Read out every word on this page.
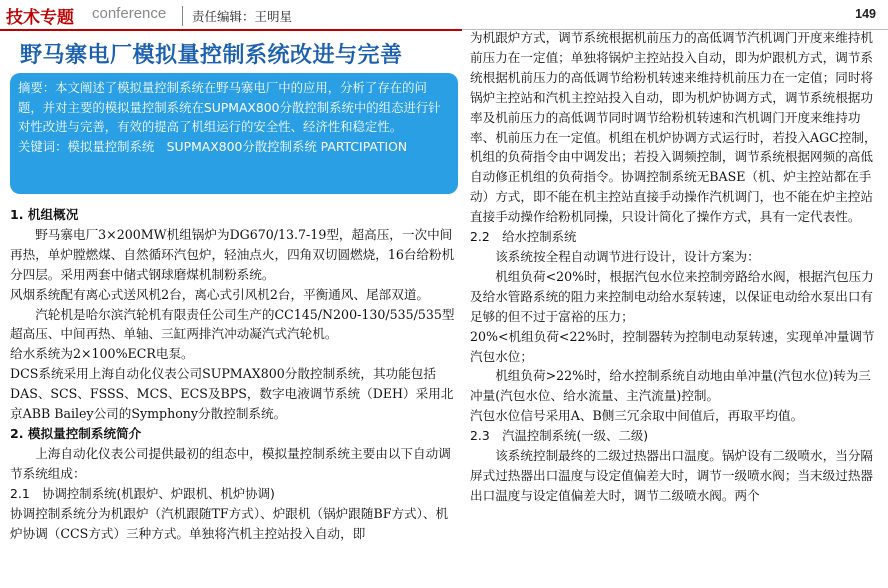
技术专题 conference 责任编辑：王明星	149
野马寨电厂模拟量控制系统改进与完善

摘要：本文阐述了模拟量控制系统在野马寨电厂中的应用，分析了存在的问题，并对主要的模拟量控制系统在SUPMAX800分散控制系统中的组态进行针对性改进与完善，有效的提高了机组运行的安全性、经济性和稳定性。

关键词：模拟量控制系统　SUPMAX800分散控制系统 PARTCIPATION

1. 机组概况

野马寨电厂3×200MW机组锅炉为DG670/13.7-19型，超高压，一次中间再热，单炉膛燃煤、自然循环汽包炉，轻油点火，四角双切圆燃烧，16台给粉机分四层。采用两套中储式钢球磨煤机制粉系统。

风烟系统配有离心式送风机2台，离心式引风机2台，平衡通风、尾部双道。

汽轮机是哈尔滨汽轮机有限责任公司生产的CC145/N200-130/535/535型超高压、中间再热、单轴、三缸两排汽冲动凝汽式汽轮机。

给水系统为2×100%ECR电泵。

DCS系统采用上海自动化仪表公司SUPMAX800分散控制系统，其功能包括DAS、SCS、FSSS、MCS、ECS及BPS，数字电液调节系统（DEH）采用北京ABB Bailey公司的Symphony分散控制系统。

2. 模拟量控制系统简介

上海自动化仪表公司提供最初的组态中，模拟量控制系统主要由以下自动调节系统组成：

2.1　协调控制系统(机跟炉、炉跟机、机炉协调)

协调控制系统分为机跟炉（汽机跟随TF方式）、炉跟机（锅炉跟随BF方式）、机炉协调（CCS方式）三种方式。单独将汽机主控站投入自动，即

为机跟炉方式，调节系统根据机前压力的高低调节汽机调门开度来维持机前压力在一定值；单独将锅炉主控站投入自动，即为炉跟机方式，调节系统根据机前压力的高低调节给粉机转速来维持机前压力在一定值；同时将锅炉主控站和汽机主控站投入自动，即为机炉协调方式，调节系统根据功率及机前压力的高低调节同时调节给粉机转速和汽机调门开度来维持功率、机前压力在一定值。机组在机炉协调方式运行时，若投入AGC控制，机组的负荷指令由中调发出；若投入调频控制，调节系统根据网频的高低自动修正机组的负荷指令。协调控制系统无BASE（机、炉主控站都在手动）方式，即不能在机主控站直接手动操作汽机调门，也不能在炉主控站直接手动操作给粉机同操，只设计简化了操作方式，具有一定代表性。

2.2　给水控制系统

该系统按全程自动调节进行设计，设计方案为：

机组负荷<20%时，根据汽包水位来控制旁路给水阀，根据汽包压力及给水管路系统的阻力来控制电动给水泵转速，以保证电动给水泵出口有足够的但不过于富裕的压力；

20%<机组负荷<22%时，控制器转为控制电动泵转速，实现单冲量调节汽包水位；

机组负荷>22%时，给水控制系统自动地由单冲量(汽包水位)转为三冲量(汽包水位、给水流量、主汽流量)控制。

汽包水位信号采用A、B侧三冗余取中间值后，再取平均值。

2.3　汽温控制系统(一级、二级)

该系统控制最终的二级过热器出口温度。锅炉设有二级喷水，当分隔屏式过热器出口温度与设定值偏差大时，调节一级喷水阀；当末级过热器出口温度与设定值偏差大时，调节二级喷水阀。两个
